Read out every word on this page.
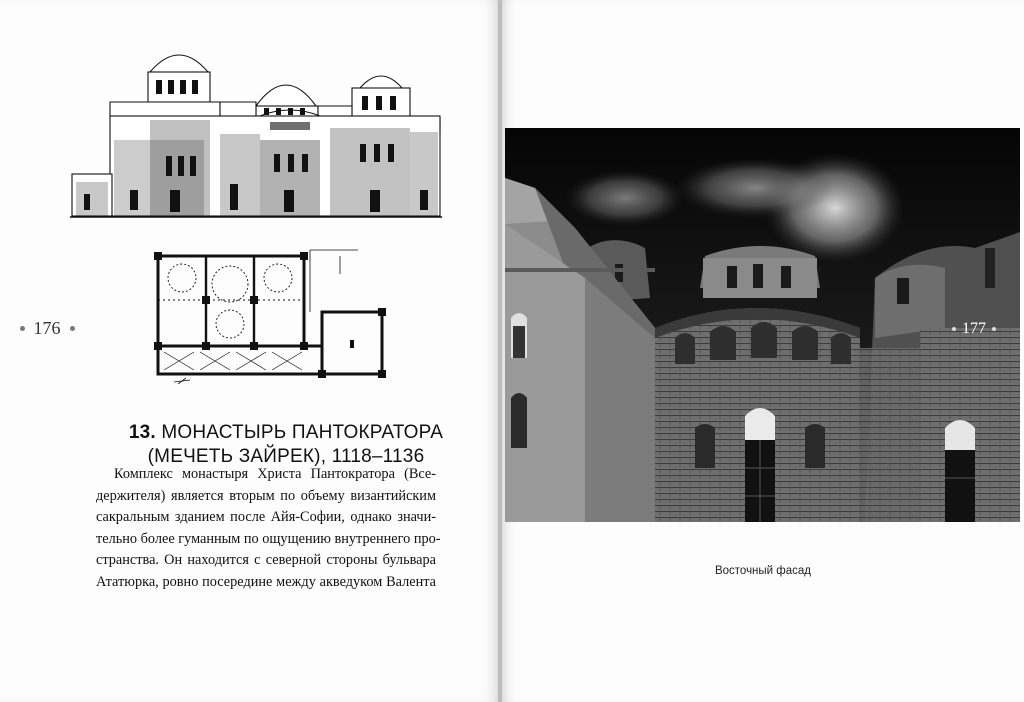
176
13. МОНАСТЫРЬ ПАНТОКРАТОРА
(МЕЧЕТЬ ЗАЙРЕК), 1118–1136

Комплекс монастыря Христа Пантократора (Все-
держителя) является вторым по объему византийским
сакральным зданием после Айя-Софии, однако значи-
тельно более гуманным по ощущению внутреннего про-
странства. Он находится с северной стороны бульвара
Ататюрка, ровно посередине между акведуком Валента

177
Восточный фасад
